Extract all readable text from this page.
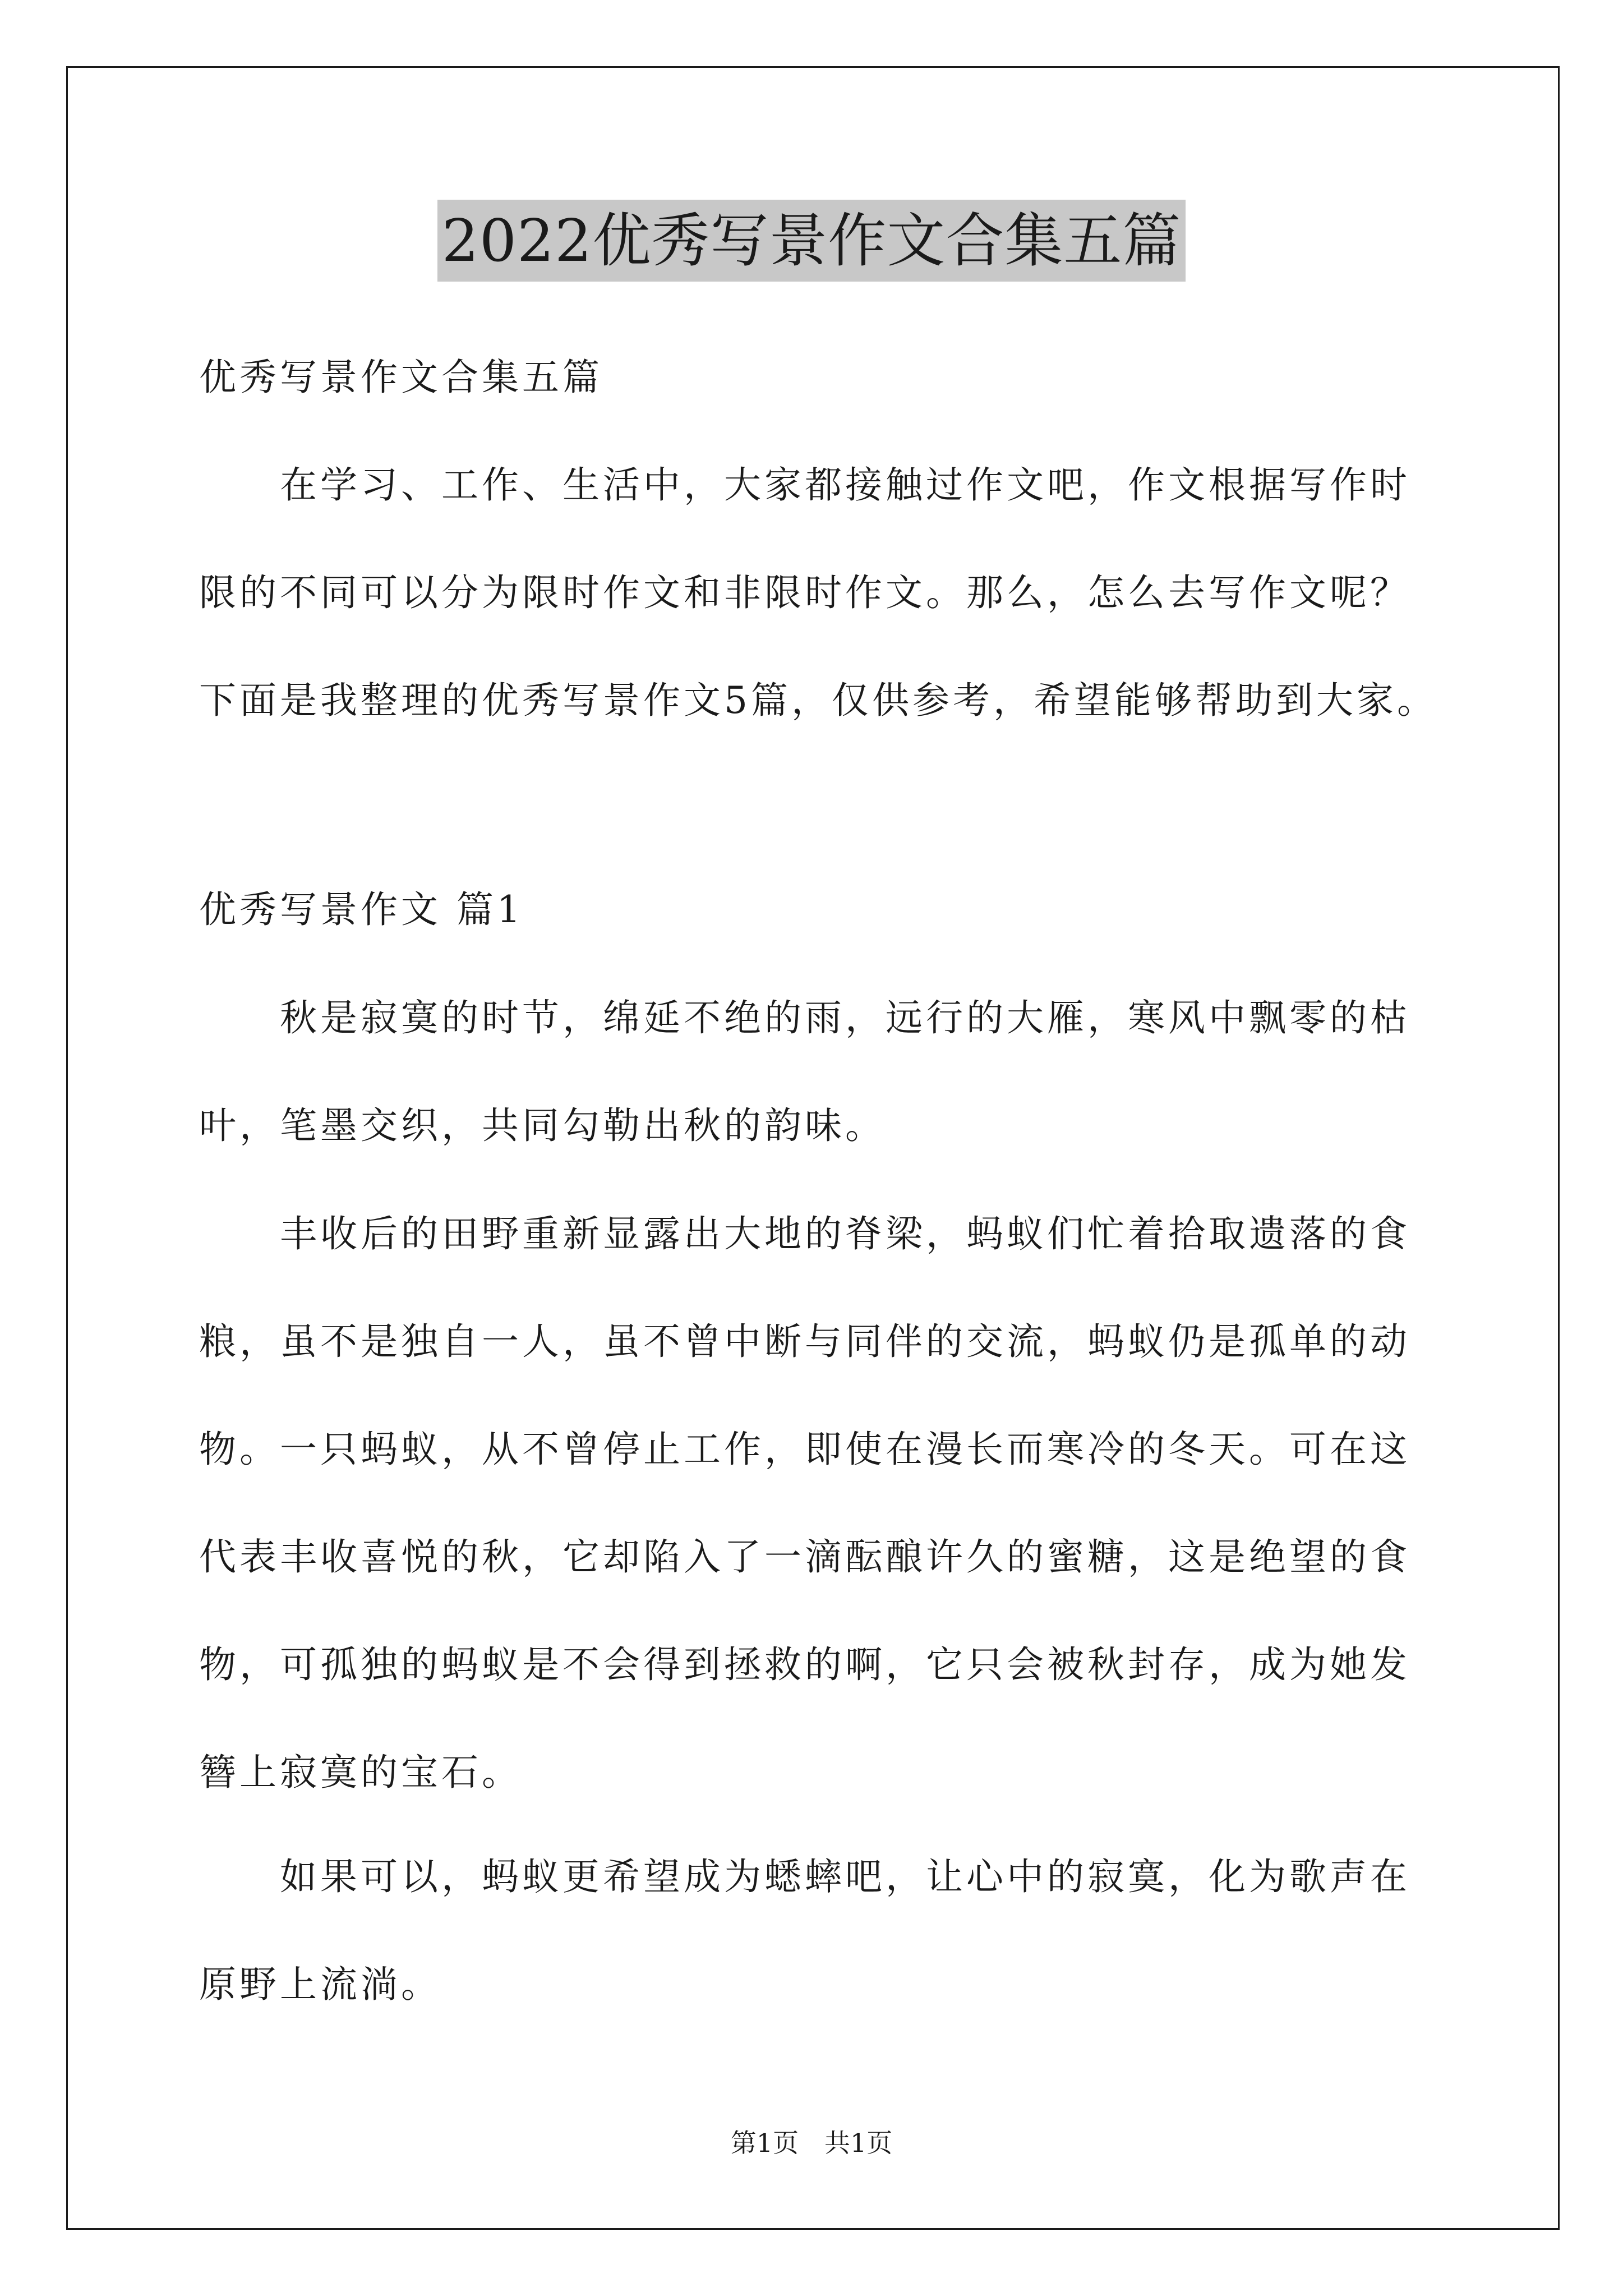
2022优秀写景作文合集五篇
优秀写景作文合集五篇
　　在学习、工作、生活中，大家都接触过作文吧，作文根据写作时
限的不同可以分为限时作文和非限时作文。那么，怎么去写作文呢？
下面是我整理的优秀写景作文5篇，仅供参考，希望能够帮助到大家。
优秀写景作文 篇1
　　秋是寂寞的时节，绵延不绝的雨，远行的大雁，寒风中飘零的枯
叶，笔墨交织，共同勾勒出秋的韵味。
　　丰收后的田野重新显露出大地的脊梁，蚂蚁们忙着拾取遗落的食
粮，虽不是独自一人，虽不曾中断与同伴的交流，蚂蚁仍是孤单的动
物。一只蚂蚁，从不曾停止工作，即使在漫长而寒冷的冬天。可在这
代表丰收喜悦的秋，它却陷入了一滴酝酿许久的蜜糖，这是绝望的食
物，可孤独的蚂蚁是不会得到拯救的啊，它只会被秋封存，成为她发
簪上寂寞的宝石。
　　如果可以，蚂蚁更希望成为蟋蟀吧，让心中的寂寞，化为歌声在
原野上流淌。
第1页　共1页
